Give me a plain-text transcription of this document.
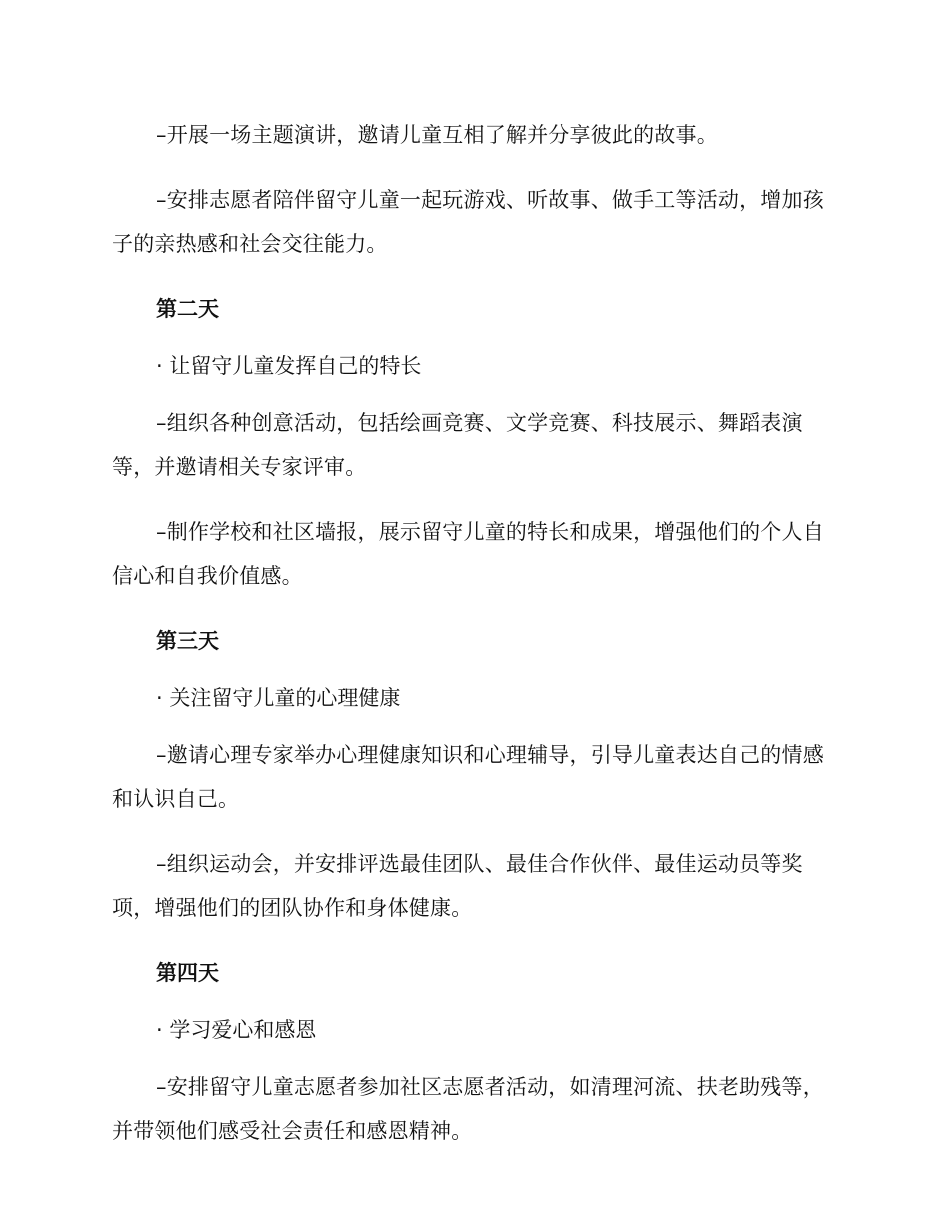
–开展一场主题演讲，邀请儿童互相了解并分享彼此的故事。

–安排志愿者陪伴留守儿童一起玩游戏、听故事、做手工等活动，增加孩子的亲热感和社会交往能力。

第二天

· 让留守儿童发挥自己的特长

–组织各种创意活动，包括绘画竞赛、文学竞赛、科技展示、舞蹈表演等，并邀请相关专家评审。

–制作学校和社区墙报，展示留守儿童的特长和成果，增强他们的个人自信心和自我价值感。

第三天

· 关注留守儿童的心理健康

–邀请心理专家举办心理健康知识和心理辅导，引导儿童表达自己的情感和认识自己。

–组织运动会，并安排评选最佳团队、最佳合作伙伴、最佳运动员等奖项，增强他们的团队协作和身体健康。

第四天

· 学习爱心和感恩

–安排留守儿童志愿者参加社区志愿者活动，如清理河流、扶老助残等，并带领他们感受社会责任和感恩精神。
